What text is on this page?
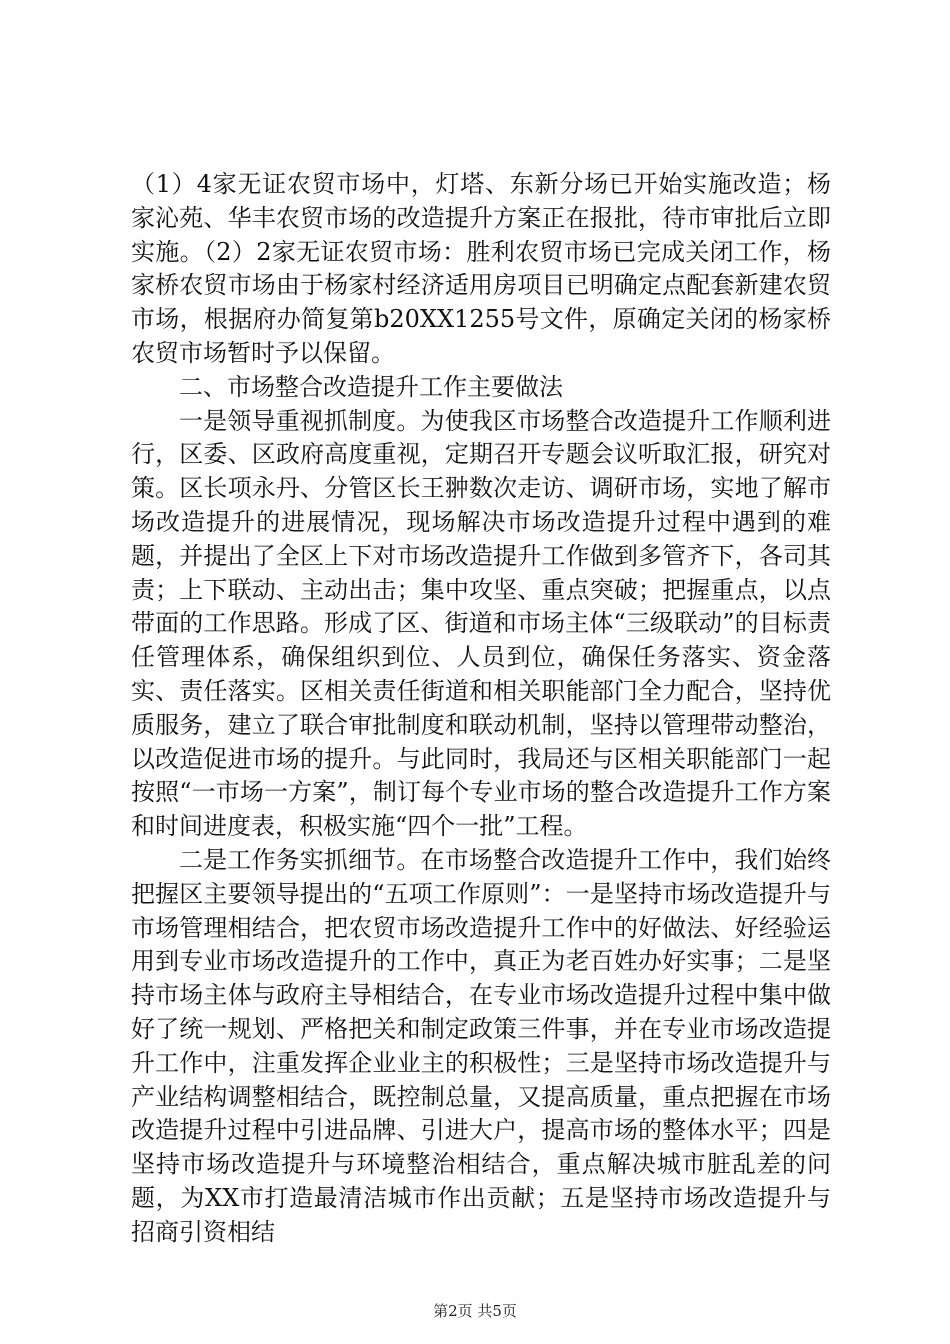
（1）4家无证农贸市场中，灯塔、东新分场已开始实施改造；杨家沁苑、华丰农贸市场的改造提升方案正在报批，待市审批后立即实施。（2）2家无证农贸市场：胜利农贸市场已完成关闭工作，杨家桥农贸市场由于杨家村经济适用房项目已明确定点配套新建农贸市场，根据府办简复第b20XX1255号文件，原确定关闭的杨家桥农贸市场暂时予以保留。

二、市场整合改造提升工作主要做法

一是领导重视抓制度。为使我区市场整合改造提升工作顺利进行，区委、区政府高度重视，定期召开专题会议听取汇报，研究对策。区长项永丹、分管区长王翀数次走访、调研市场，实地了解市场改造提升的进展情况，现场解决市场改造提升过程中遇到的难题，并提出了全区上下对市场改造提升工作做到多管齐下，各司其责；上下联动、主动出击；集中攻坚、重点突破；把握重点，以点带面的工作思路。形成了区、街道和市场主体“三级联动”的目标责任管理体系，确保组织到位、人员到位，确保任务落实、资金落实、责任落实。区相关责任街道和相关职能部门全力配合，坚持优质服务，建立了联合审批制度和联动机制，坚持以管理带动整治，以改造促进市场的提升。与此同时，我局还与区相关职能部门一起按照“一市场一方案”，制订每个专业市场的整合改造提升工作方案和时间进度表，积极实施“四个一批”工程。

二是工作务实抓细节。在市场整合改造提升工作中，我们始终把握区主要领导提出的“五项工作原则”：一是坚持市场改造提升与市场管理相结合，把农贸市场改造提升工作中的好做法、好经验运用到专业市场改造提升的工作中，真正为老百姓办好实事；二是坚持市场主体与政府主导相结合，在专业市场改造提升过程中集中做好了统一规划、严格把关和制定政策三件事，并在专业市场改造提升工作中，注重发挥企业业主的积极性；三是坚持市场改造提升与产业结构调整相结合，既控制总量，又提高质量，重点把握在市场改造提升过程中引进品牌、引进大户，提高市场的整体水平；四是坚持市场改造提升与环境整治相结合，重点解决城市脏乱差的问题，为XX市打造最清洁城市作出贡献；五是坚持市场改造提升与招商引资相结

第2页 共5页
